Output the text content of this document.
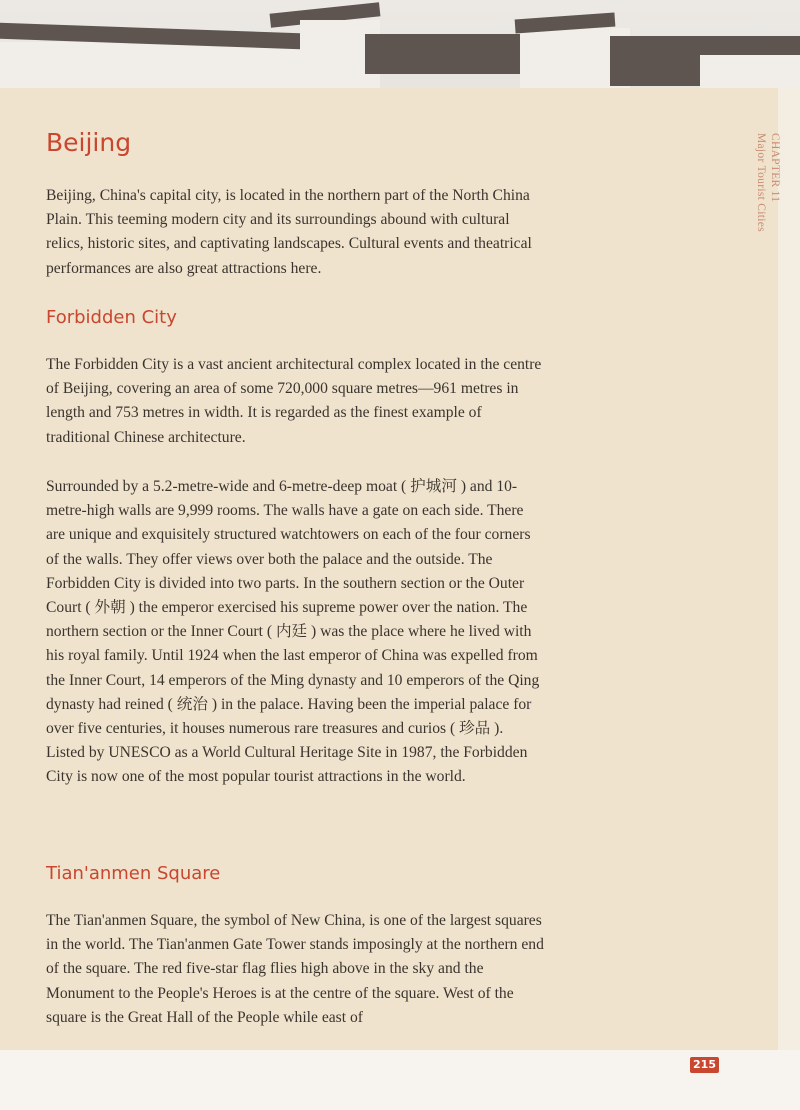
CHAPTER 11
Major Tourist Cities
Beijing

Beijing, China's capital city, is located in the northern part of the North China Plain. This teeming modern city and its surroundings abound with cultural relics, historic sites, and captivating landscapes. Cultural events and theatrical performances are also great attractions here.

Forbidden City

The Forbidden City is a vast ancient architectural complex located in the centre of Beijing, covering an area of some 720,000 square metres—961 metres in length and 753 metres in width. It is regarded as the finest example of traditional Chinese architecture.

Surrounded by a 5.2-metre-wide and 6-metre-deep moat ( 护城河 ) and 10-metre-high walls are 9,999 rooms. The walls have a gate on each side. There are unique and exquisitely structured watchtowers on each of the four corners of the walls. They offer views over both the palace and the outside. The Forbidden City is divided into two parts. In the southern section or the Outer Court ( 外朝 ) the emperor exercised his supreme power over the nation. The northern section or the Inner Court ( 内廷 ) was the place where he lived with his royal family. Until 1924 when the last emperor of China was expelled from the Inner Court, 14 emperors of the Ming dynasty and 10 emperors of the Qing dynasty had reined ( 统治 ) in the palace. Having been the imperial palace for over five centuries, it houses numerous rare treasures and curios ( 珍品 ). Listed by UNESCO as a World Cultural Heritage Site in 1987, the Forbidden City is now one of the most popular tourist attractions in the world.

Tian'anmen Square

The Tian'anmen Square, the symbol of New China, is one of the largest squares in the world. The Tian'anmen Gate Tower stands imposingly at the northern end of the square. The red five-star flag flies high above in the sky and the Monument to the People's Heroes is at the centre of the square. West of the square is the Great Hall of the People while east of

215
